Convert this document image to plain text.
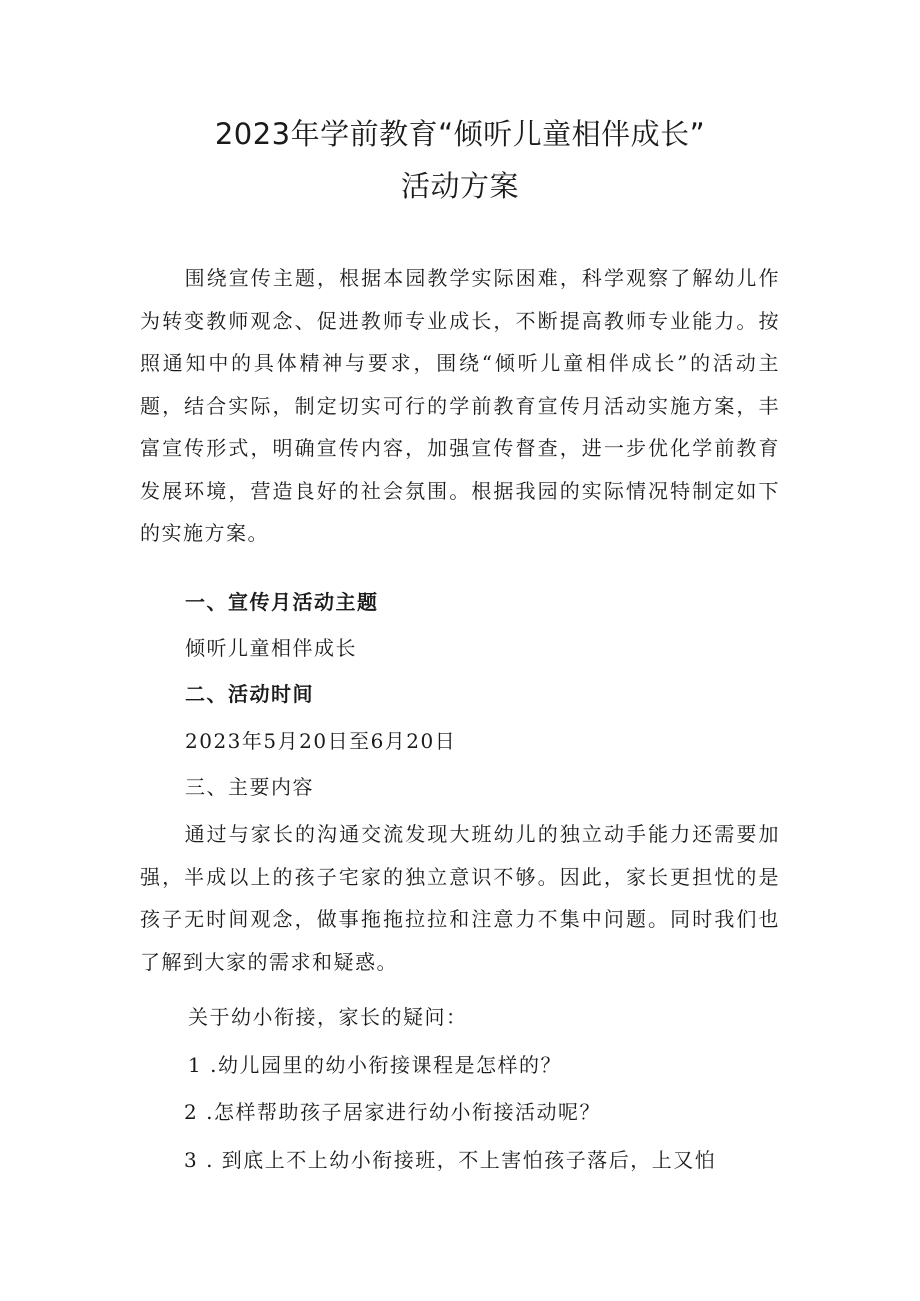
2023年学前教育“倾听儿童相伴成长”
活动方案
围绕宣传主题，根据本园教学实际困难，科学观察了解幼儿作为转变教师观念、促进教师专业成长，不断提高教师专业能力。按照通知中的具体精神与要求，围绕“倾听儿童相伴成长”的活动主题，结合实际，制定切实可行的学前教育宣传月活动实施方案，丰富宣传形式，明确宣传内容，加强宣传督查，进一步优化学前教育发展环境，营造良好的社会氛围。根据我园的实际情况特制定如下的实施方案。
一、宣传月活动主题
倾听儿童相伴成长
二、活动时间
2023年5月20日至6月20日
三、主要内容
通过与家长的沟通交流发现大班幼儿的独立动手能力还需要加强，半成以上的孩子宅家的独立意识不够。因此，家长更担忧的是孩子无时间观念，做事拖拖拉拉和注意力不集中问题。同时我们也了解到大家的需求和疑惑。
关于幼小衔接，家长的疑问：
1 .幼儿园里的幼小衔接课程是怎样的？
2 .怎样帮助孩子居家进行幼小衔接活动呢？
3 . 到底上不上幼小衔接班，不上害怕孩子落后，上又怕
